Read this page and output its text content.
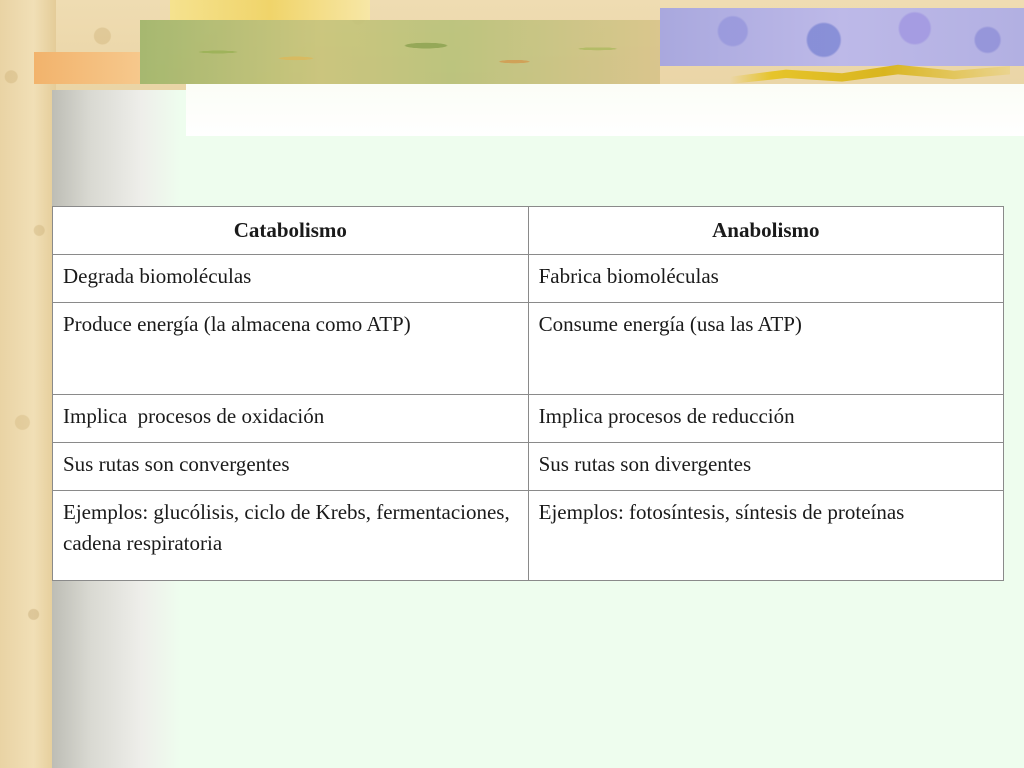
Catabolismo	Anabolismo
Degrada biomoléculas	Fabrica biomoléculas
Produce energía (la almacena como ATP)	Consume energía (usa las ATP)
Implica  procesos de oxidación	Implica procesos de reducción
Sus rutas son convergentes	Sus rutas son divergentes
Ejemplos: glucólisis, ciclo de Krebs, fermentaciones, cadena respiratoria	Ejemplos: fotosíntesis, síntesis de proteínas
